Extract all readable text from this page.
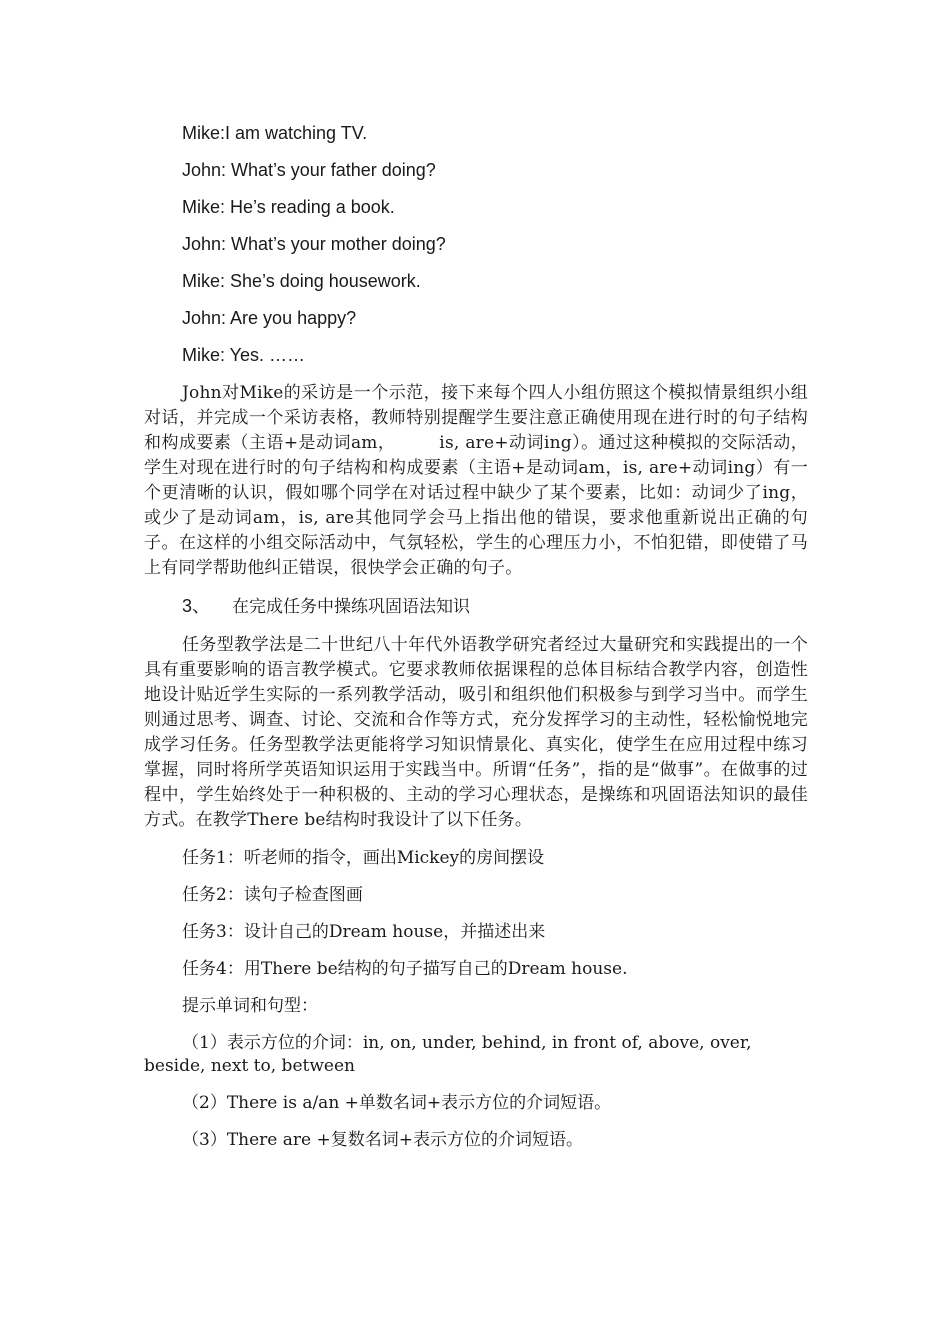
Mike:I am watching TV.

John: What’s your father doing?

Mike: He’s reading a book.

John: What’s your mother doing?

Mike: She’s doing housework.

John: Are you happy?

Mike: Yes. ……

John对Mike的采访是一个示范，接下来每个四人小组仿照这个模拟情景组织小组对话，并完成一个采访表格，教师特别提醒学生要注意正确使用现在进行时的句子结构和构成要素（主语+是动词am，　　　is, are+动词ing）。通过这种模拟的交际活动，学生对现在进行时的句子结构和构成要素（主语+是动词am，is, are+动词ing）有一个更清晰的认识，假如哪个同学在对话过程中缺少了某个要素，比如：动词少了ing，或少了是动词am，is, are其他同学会马上指出他的错误，要求他重新说出正确的句子。在这样的小组交际活动中，气氛轻松，学生的心理压力小，不怕犯错，即使错了马上有同学帮助他纠正错误，很快学会正确的句子。

3、 在完成任务中操练巩固语法知识

任务型教学法是二十世纪八十年代外语教学研究者经过大量研究和实践提出的一个具有重要影响的语言教学模式。它要求教师依据课程的总体目标结合教学内容，创造性地设计贴近学生实际的一系列教学活动，吸引和组织他们积极参与到学习当中。而学生则通过思考、调查、讨论、交流和合作等方式，充分发挥学习的主动性，轻松愉悦地完成学习任务。任务型教学法更能将学习知识情景化、真实化，使学生在应用过程中练习掌握，同时将所学英语知识运用于实践当中。所谓“任务”，指的是“做事”。在做事的过程中，学生始终处于一种积极的、主动的学习心理状态，是操练和巩固语法知识的最佳方式。在教学There be结构时我设计了以下任务。

任务1：听老师的指令，画出Mickey的房间摆设

任务2：读句子检查图画

任务3：设计自己的Dream house，并描述出来

任务4：用There be结构的句子描写自己的Dream house.

提示单词和句型：

（1）表示方位的介词：in, on, under, behind, in front of, above, over, beside, next to, between

（2）There is a/an +单数名词+表示方位的介词短语。

（3）There are +复数名词+表示方位的介词短语。
